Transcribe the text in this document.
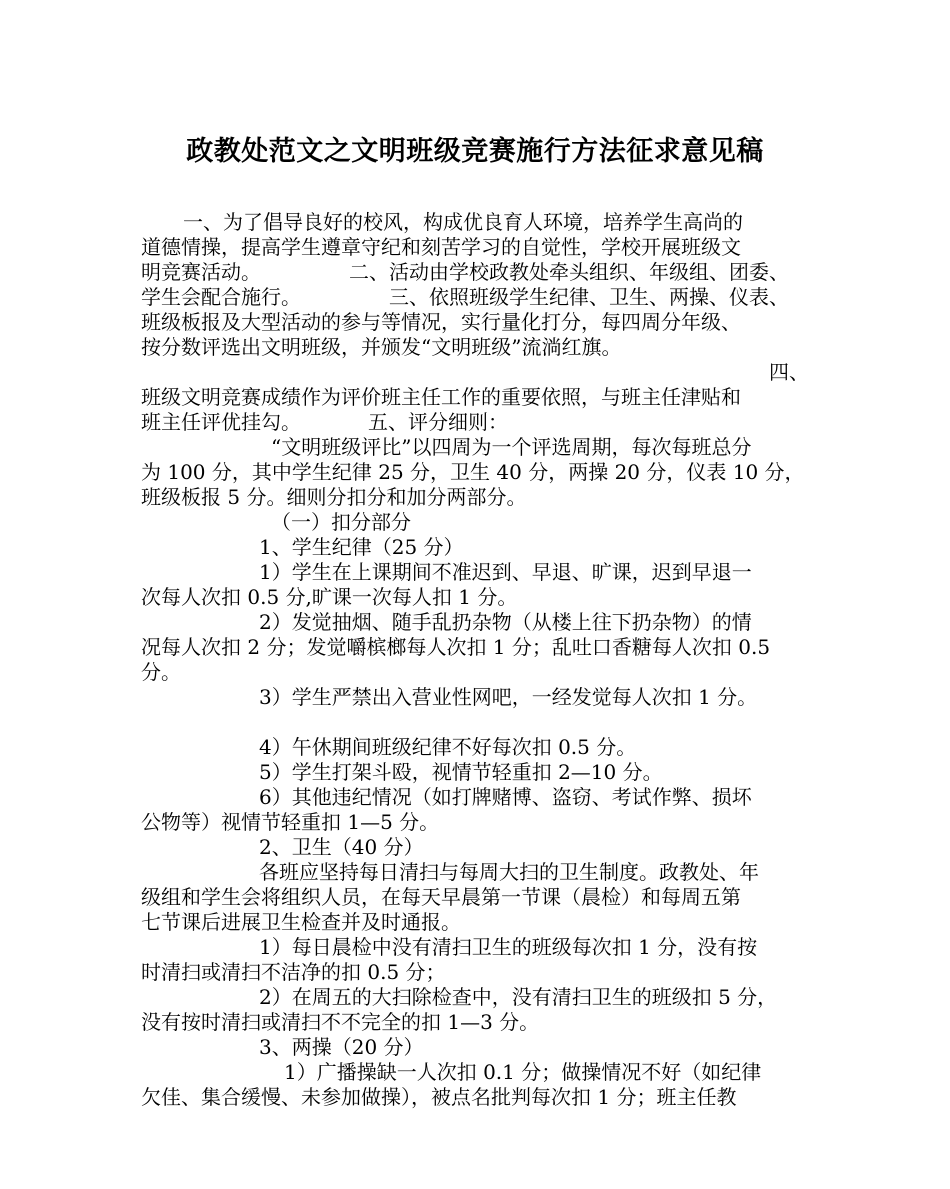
政教处范文之文明班级竞赛施行方法征求意见稿
一、为了倡导良好的校风，构成优良育人环境，培养学生高尚的
道德情操，提高学生遵章守纪和刻苦学习的自觉性，学校开展班级文
明竞赛活动。	二、活动由学校政教处牵头组织、年级组、团委、
学生会配合施行。	三、依照班级学生纪律、卫生、两操、仪表、
班级板报及大型活动的参与等情况，实行量化打分，每四周分年级、
按分数评选出文明班级，并颁发“文明班级”流淌红旗。
四、
班级文明竞赛成绩作为评价班主任工作的重要依照，与班主任津贴和
班主任评优挂勾。	五、评分细则：
“文明班级评比”以四周为一个评选周期，每次每班总分
为 100 分，其中学生纪律 25 分，卫生 40 分，两操 20 分，仪表 10 分，
班级板报 5 分。细则分扣分和加分两部分。
（一）扣分部分
1、学生纪律（25 分）
1）学生在上课期间不准迟到、早退、旷课，迟到早退一
次每人次扣 0.5 分,旷课一次每人扣 1 分。
2）发觉抽烟、随手乱扔杂物（从楼上往下扔杂物）的情
况每人次扣 2 分；发觉嚼槟榔每人次扣 1 分；乱吐口香糖每人次扣 0.5
分。
3）学生严禁出入营业性网吧，一经发觉每人次扣 1 分。
4）午休期间班级纪律不好每次扣 0.5 分。
5）学生打架斗殴，视情节轻重扣 2—10 分。
6）其他违纪情况（如打牌赌博、盗窃、考试作弊、损坏
公物等）视情节轻重扣 1—5 分。
2、卫生（40 分）
各班应坚持每日清扫与每周大扫的卫生制度。政教处、年
级组和学生会将组织人员，在每天早晨第一节课（晨检）和每周五第
七节课后进展卫生检查并及时通报。
1）每日晨检中没有清扫卫生的班级每次扣 1 分，没有按
时清扫或清扫不洁净的扣 0.5 分；
2）在周五的大扫除检查中，没有清扫卫生的班级扣 5 分，
没有按时清扫或清扫不不完全的扣 1—3 分。
3、两操（20 分）
1）广播操缺一人次扣 0.1 分；做操情况不好（如纪律
欠佳、集合缓慢、未参加做操），被点名批判每次扣 1 分；班主任教
